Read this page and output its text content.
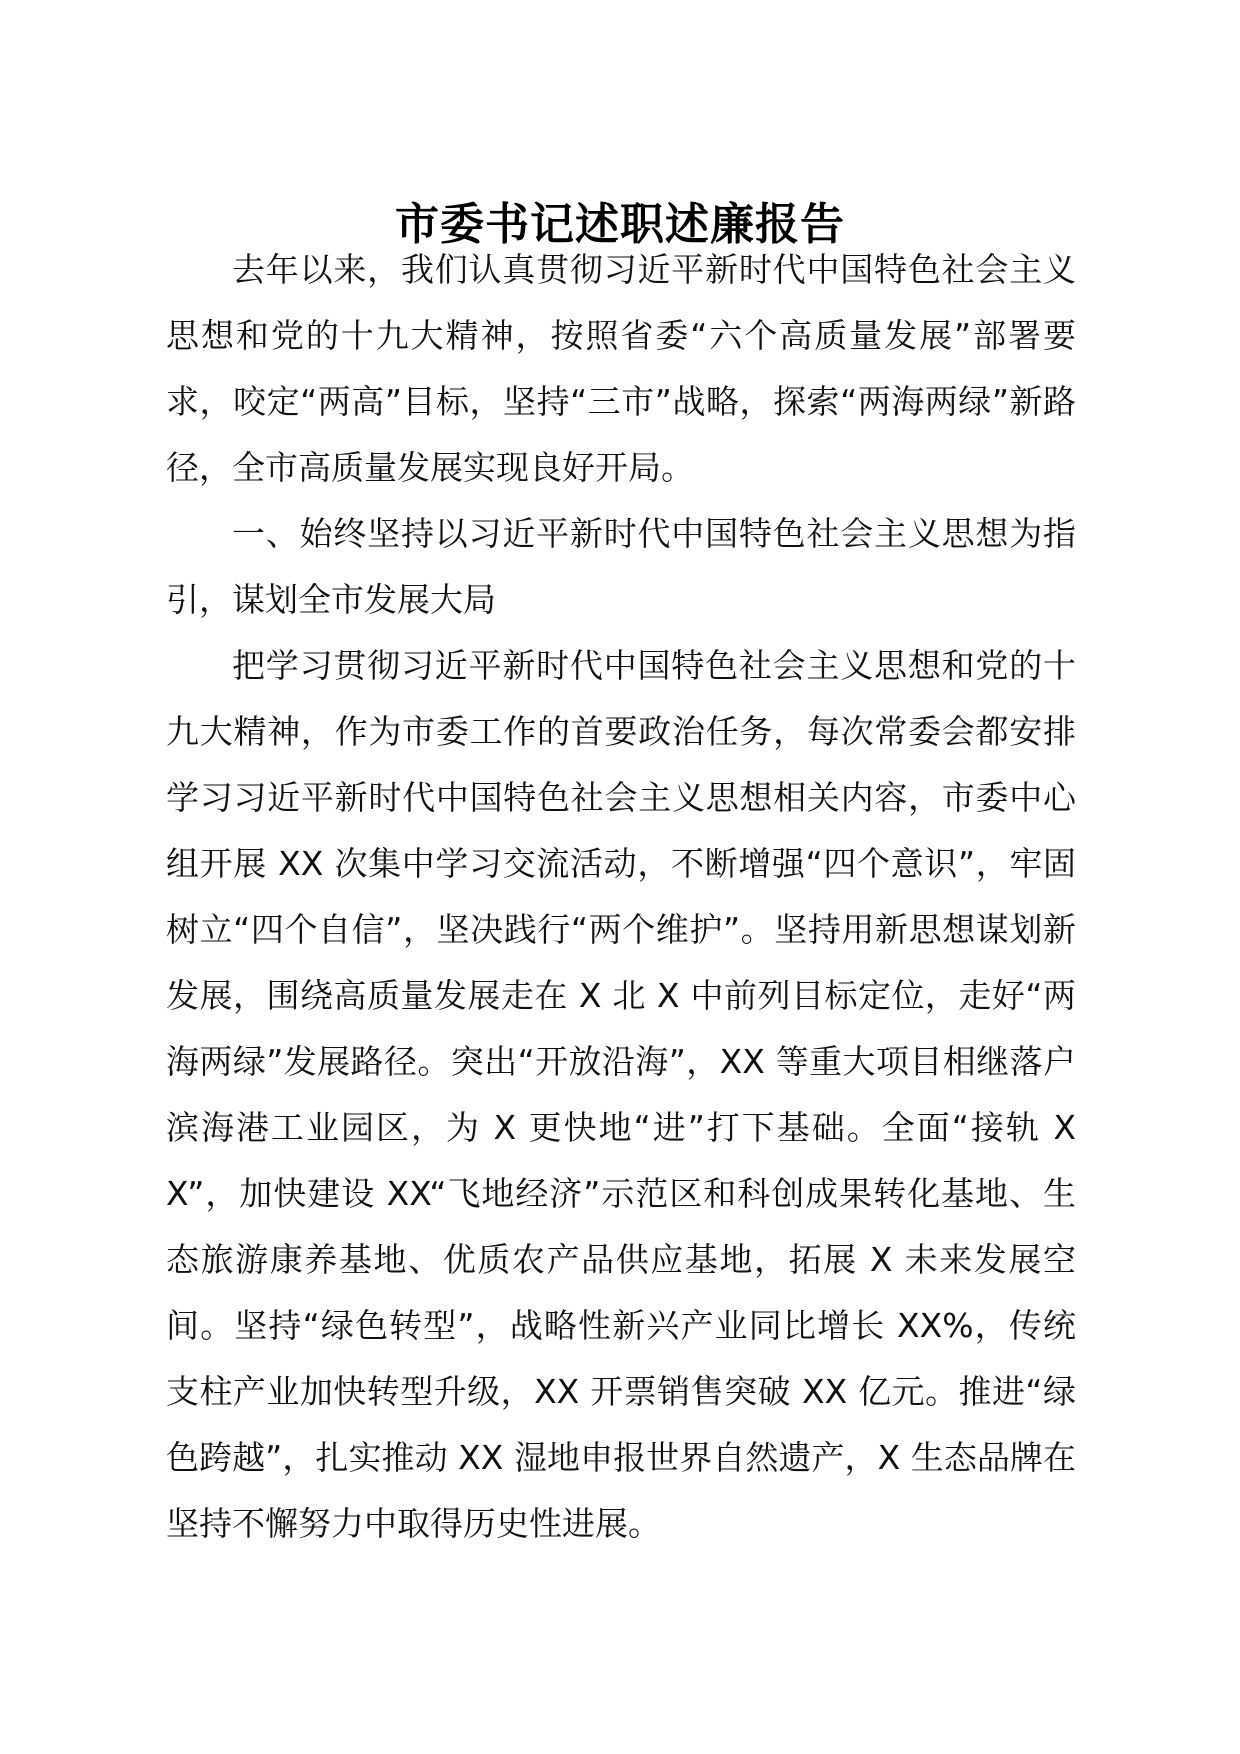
市委书记述职述廉报告

去年以来，我们认真贯彻习近平新时代中国特色社会主义思想和党的十九大精神，按照省委“六个高质量发展”部署要求，咬定“两高”目标，坚持“三市”战略，探索“两海两绿”新路径，全市高质量发展实现良好开局。

一、始终坚持以习近平新时代中国特色社会主义思想为指引，谋划全市发展大局

把学习贯彻习近平新时代中国特色社会主义思想和党的十九大精神，作为市委工作的首要政治任务，每次常委会都安排学习习近平新时代中国特色社会主义思想相关内容，市委中心组开展 XX 次集中学习交流活动，不断增强“四个意识”，牢固树立“四个自信”，坚决践行“两个维护”。坚持用新思想谋划新发展，围绕高质量发展走在 X 北 X 中前列目标定位，走好“两海两绿”发展路径。突出“开放沿海”，XX 等重大项目相继落户滨海港工业园区，为 X 更快地“进”打下基础。全面“接轨 XX”，加快建设 XX“飞地经济”示范区和科创成果转化基地、生态旅游康养基地、优质农产品供应基地，拓展 X 未来发展空间。坚持“绿色转型”，战略性新兴产业同比增长 XX%，传统支柱产业加快转型升级，XX 开票销售突破 XX 亿元。推进“绿色跨越”，扎实推动 XX 湿地申报世界自然遗产，X 生态品牌在坚持不懈努力中取得历史性进展。
